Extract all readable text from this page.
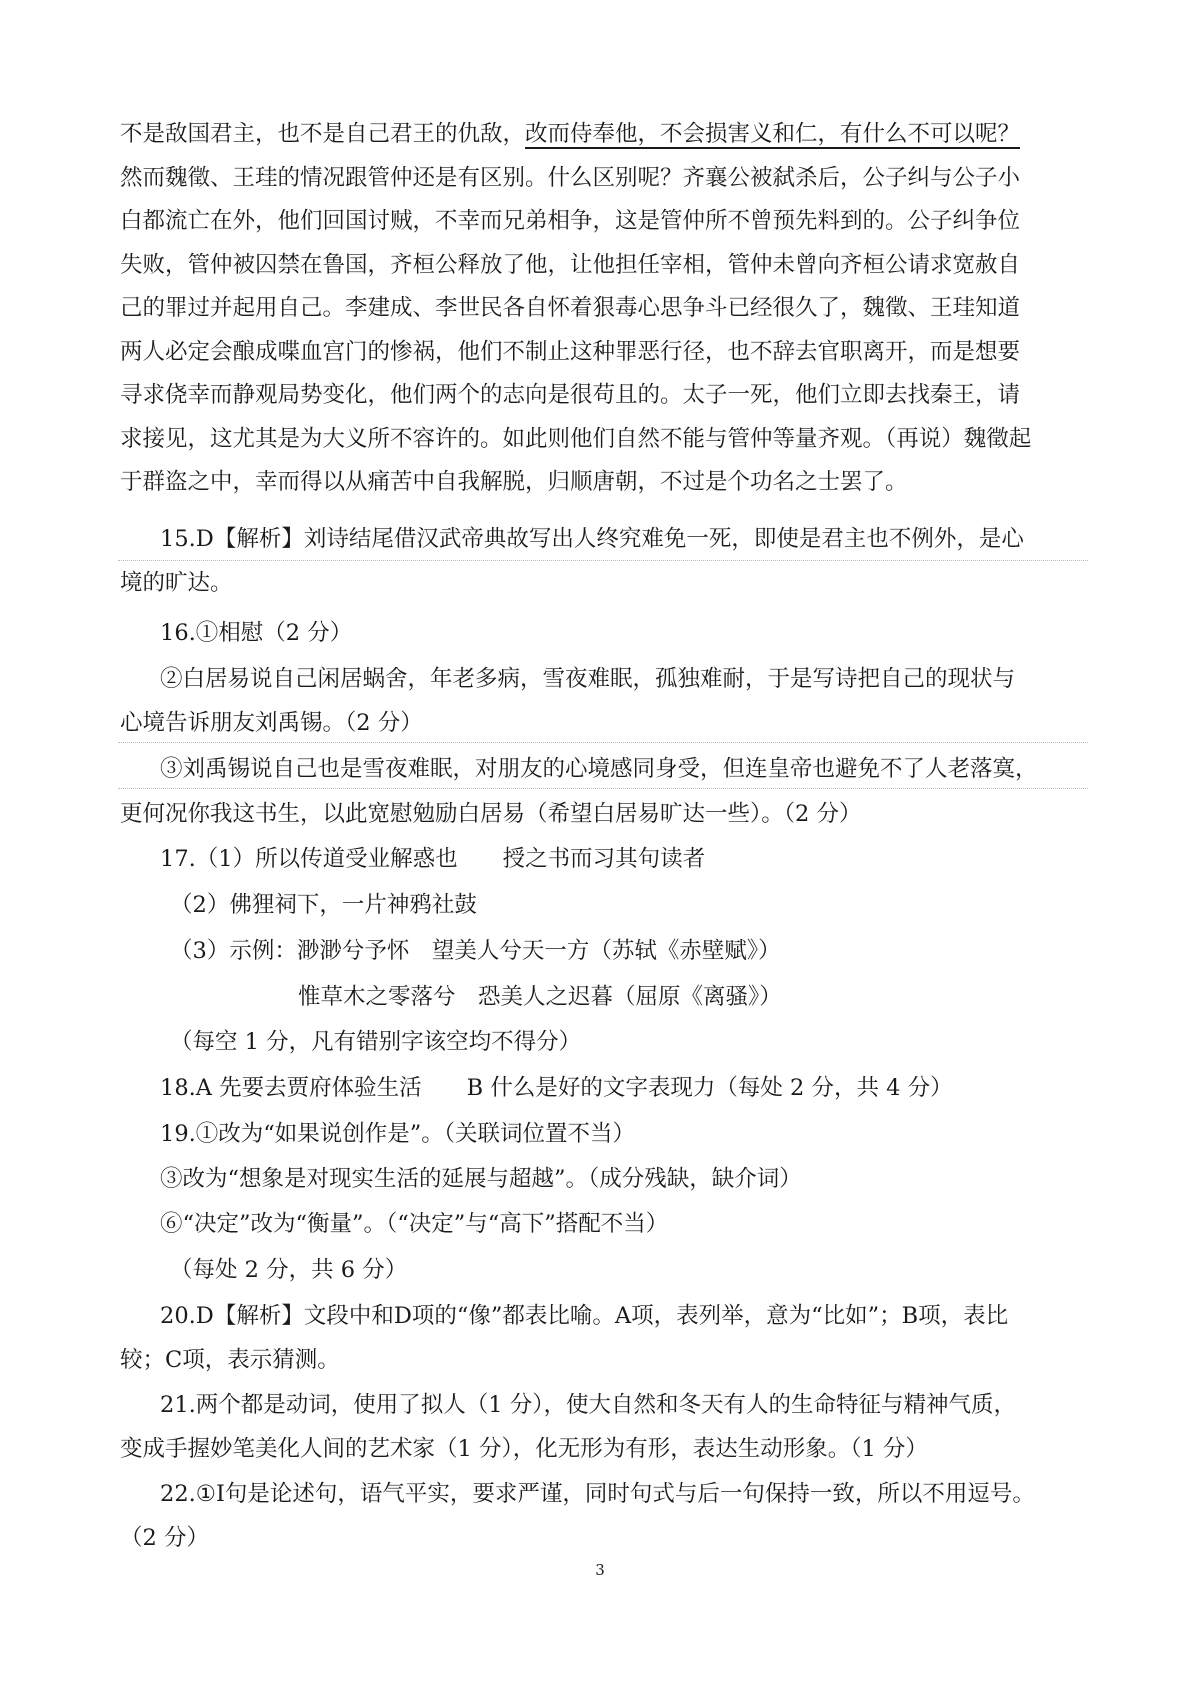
不是敌国君主，也不是自己君王的仇敌，改而侍奉他，不会损害义和仁，有什么不可以呢？
然而魏徵、王珪的情况跟管仲还是有区别。什么区别呢？齐襄公被弑杀后，公子纠与公子小
白都流亡在外，他们回国讨贼，不幸而兄弟相争，这是管仲所不曾预先料到的。公子纠争位
失败，管仲被囚禁在鲁国，齐桓公释放了他，让他担任宰相，管仲未曾向齐桓公请求宽赦自
己的罪过并起用自己。李建成、李世民各自怀着狠毒心思争斗已经很久了，魏徵、王珪知道
两人必定会酿成喋血宫门的惨祸，他们不制止这种罪恶行径，也不辞去官职离开，而是想要
寻求侥幸而静观局势变化，他们两个的志向是很苟且的。太子一死，他们立即去找秦王，请
求接见，这尤其是为大义所不容许的。如此则他们自然不能与管仲等量齐观。（再说）魏徵起
于群盗之中，幸而得以从痛苦中自我解脱，归顺唐朝，不过是个功名之士罢了。
15.D【解析】刘诗结尾借汉武帝典故写出人终究难免一死，即使是君主也不例外，是心
境的旷达。
16.①相慰（2 分）
②白居易说自己闲居蜗舍，年老多病，雪夜难眠，孤独难耐，于是写诗把自己的现状与
心境告诉朋友刘禹锡。（2 分）
③刘禹锡说自己也是雪夜难眠，对朋友的心境感同身受，但连皇帝也避免不了人老落寞，
更何况你我这书生，以此宽慰勉励白居易（希望白居易旷达一些）。（2 分）
17.（1）所以传道受业解惑也　　授之书而习其句读者
（2）佛狸祠下，一片神鸦社鼓
（3）示例：渺渺兮予怀　望美人兮天一方（苏轼《赤壁赋》）
惟草木之零落兮　恐美人之迟暮（屈原《离骚》）
（每空 1 分，凡有错别字该空均不得分）
18.A 先要去贾府体验生活　　B 什么是好的文字表现力（每处 2 分，共 4 分）
19.①改为“如果说创作是”。（关联词位置不当）
③改为“想象是对现实生活的延展与超越”。（成分残缺，缺介词）
⑥“决定”改为“衡量”。（“决定”与“高下”搭配不当）
（每处 2 分，共 6 分）
20.D【解析】文段中和D项的“像”都表比喻。A项，表列举，意为“比如”；B项，表比
较；C项，表示猜测。
21.两个都是动词，使用了拟人（1 分），使大自然和冬天有人的生命特征与精神气质，
变成手握妙笔美化人间的艺术家（1 分），化无形为有形，表达生动形象。（1 分）
22.①Ⅰ句是论述句，语气平实，要求严谨，同时句式与后一句保持一致，所以不用逗号。
（2 分）
3
